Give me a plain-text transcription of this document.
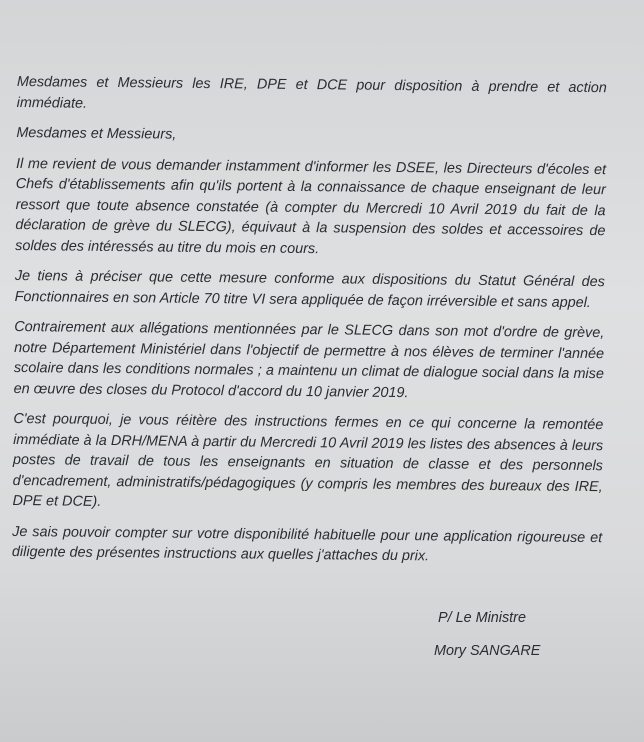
Mesdames et Messieurs les IRE, DPE et DCE pour disposition à prendre et action immédiate.

Mesdames et Messieurs,

Il me revient de vous demander instamment d'informer les DSEE, les Directeurs d'écoles et Chefs d'établissements afin qu'ils portent à la connaissance de chaque enseignant de leur ressort que toute absence constatée (à compter du Mercredi 10 Avril 2019 du fait de la déclaration de grève du SLECG), équivaut à la suspension des soldes et accessoires de soldes des intéressés au titre du mois en cours.

Je tiens à préciser que cette mesure conforme aux dispositions du Statut Général des Fonctionnaires en son Article 70 titre VI sera appliquée de façon irréversible et sans appel.

Contrairement aux allégations mentionnées par le SLECG dans son mot d'ordre de grève, notre Département Ministériel dans l'objectif de permettre à nos élèves de terminer l'année scolaire dans les conditions normales ; a maintenu un climat de dialogue social dans la mise en œuvre des closes du Protocol d'accord du 10 janvier 2019.

C'est pourquoi, je vous réitère des instructions fermes en ce qui concerne la remontée immédiate à la DRH/MENA à partir du Mercredi 10 Avril 2019 les listes des absences à leurs postes de travail de tous les enseignants en situation de classe et des personnels d'encadrement, administratifs/pédagogiques (y compris les membres des bureaux des IRE, DPE et DCE).

Je sais pouvoir compter sur votre disponibilité habituelle pour une application rigoureuse et diligente des présentes instructions aux quelles j'attaches du prix.

P/ Le Ministre
Mory SANGARE
